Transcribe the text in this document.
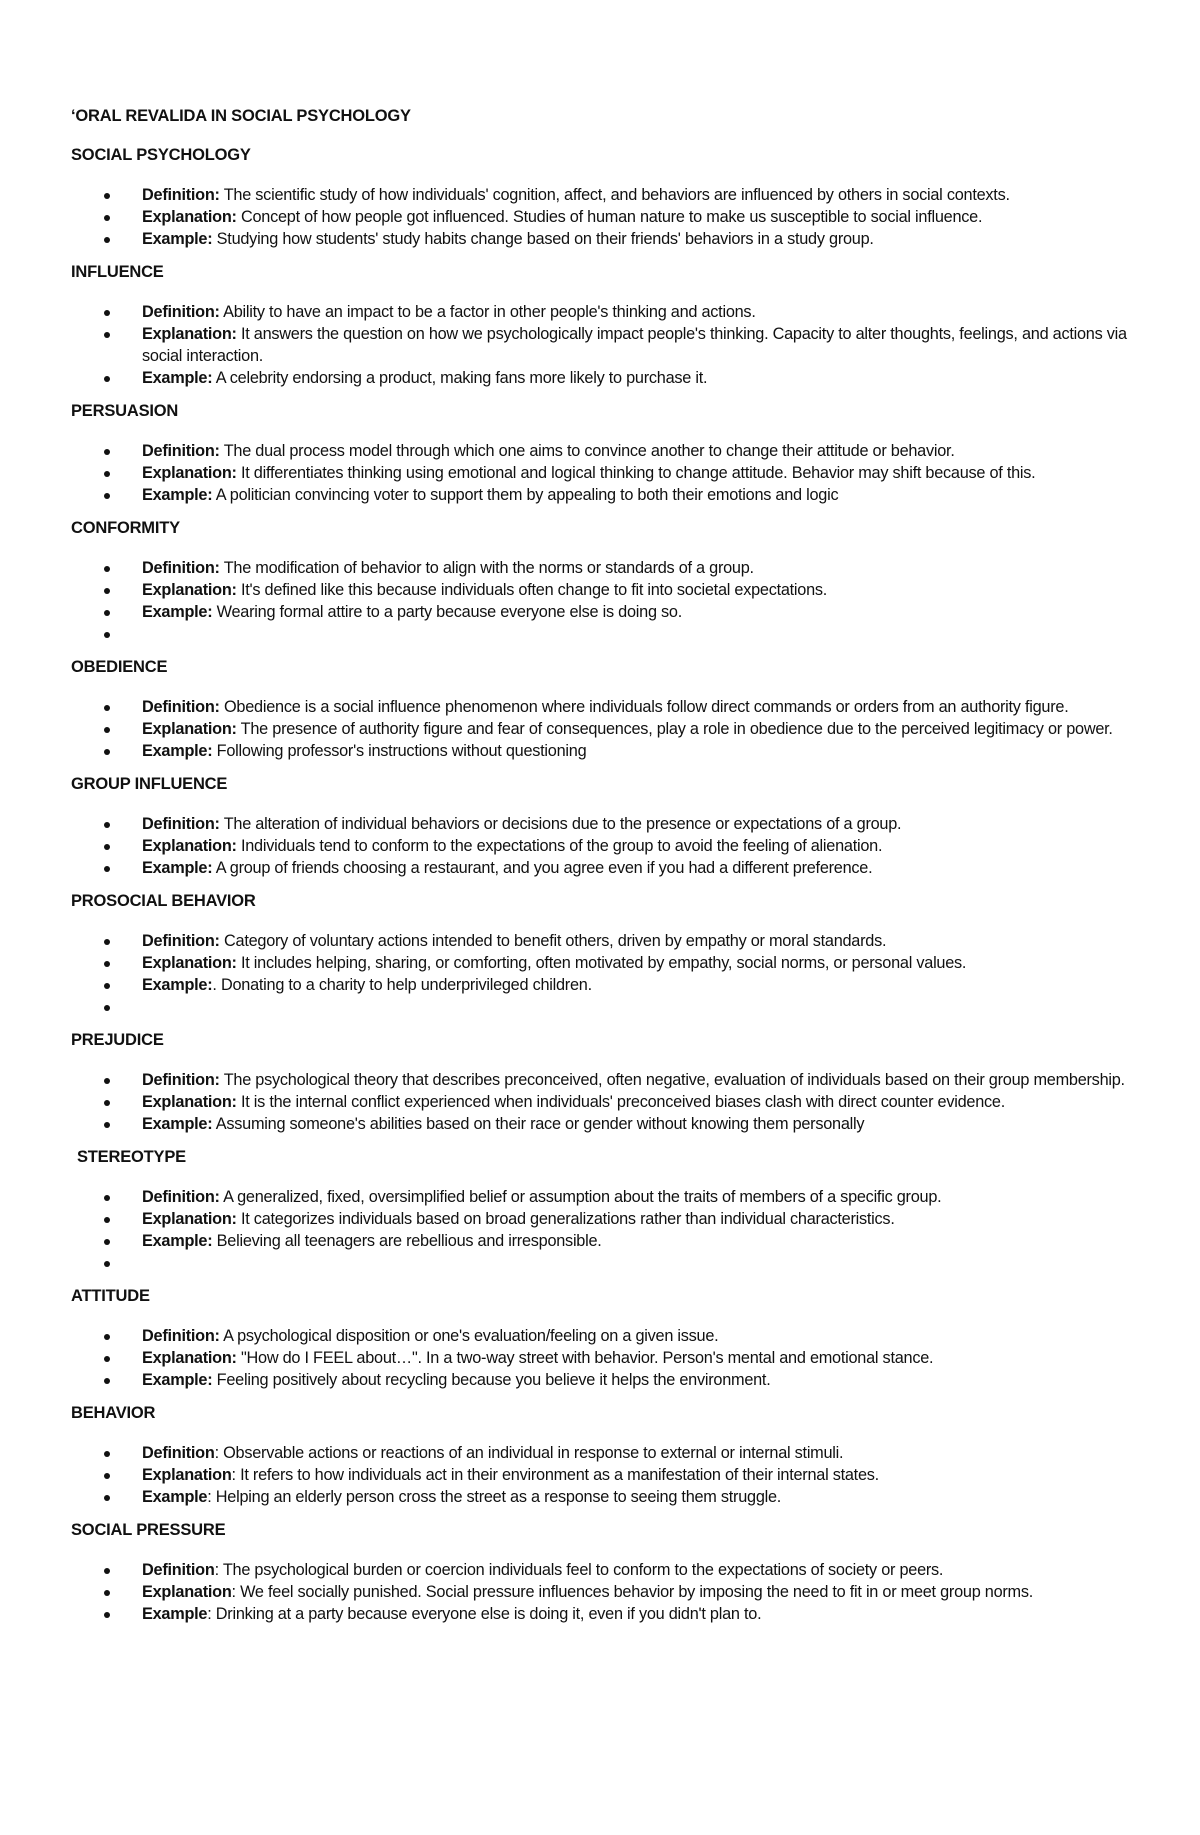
‘ORAL REVALIDA IN SOCIAL PSYCHOLOGY
SOCIAL PSYCHOLOGY
Definition: The scientific study of how individuals' cognition, affect, and behaviors are influenced by others in social contexts.
Explanation: Concept of how people got influenced. Studies of human nature to make us susceptible to social influence.
Example: Studying how students' study habits change based on their friends' behaviors in a study group.
INFLUENCE
Definition: Ability to have an impact to be a factor in other people's thinking and actions.
Explanation: It answers the question on how we psychologically impact people's thinking. Capacity to alter thoughts, feelings, and actions via social interaction.
Example: A celebrity endorsing a product, making fans more likely to purchase it.
PERSUASION
Definition: The dual process model through which one aims to convince another to change their attitude or behavior.
Explanation: It differentiates thinking using emotional and logical thinking to change attitude. Behavior may shift because of this.
Example: A politician convincing voter to support them by appealing to both their emotions and logic
CONFORMITY
Definition: The modification of behavior to align with the norms or standards of a group.
Explanation: It's defined like this because individuals often change to fit into societal expectations.
Example: Wearing formal attire to a party because everyone else is doing so.
OBEDIENCE
Definition: Obedience is a social influence phenomenon where individuals follow direct commands or orders from an authority figure.
Explanation: The presence of authority figure and fear of consequences, play a role in obedience due to the perceived legitimacy or power.
Example: Following professor's instructions without questioning
GROUP INFLUENCE
Definition: The alteration of individual behaviors or decisions due to the presence or expectations of a group.
Explanation: Individuals tend to conform to the expectations of the group to avoid the feeling of alienation.
Example: A group of friends choosing a restaurant, and you agree even if you had a different preference.
PROSOCIAL BEHAVIOR
Definition: Category of voluntary actions intended to benefit others, driven by empathy or moral standards.
Explanation: It includes helping, sharing, or comforting, often motivated by empathy, social norms, or personal values.
Example:. Donating to a charity to help underprivileged children.
PREJUDICE
Definition: The psychological theory that describes preconceived, often negative, evaluation of individuals based on their group membership.
Explanation: It is the internal conflict experienced when individuals' preconceived biases clash with direct counter evidence.
Example: Assuming someone's abilities based on their race or gender without knowing them personally
STEREOTYPE
Definition: A generalized, fixed, oversimplified belief or assumption about the traits of members of a specific group.
Explanation: It categorizes individuals based on broad generalizations rather than individual characteristics.
Example: Believing all teenagers are rebellious and irresponsible.
ATTITUDE
Definition: A psychological disposition or one's evaluation/feeling on a given issue.
Explanation: "How do I FEEL about…". In a two-way street with behavior. Person's mental and emotional stance.
Example: Feeling positively about recycling because you believe it helps the environment.
BEHAVIOR
Definition: Observable actions or reactions of an individual in response to external or internal stimuli.
Explanation: It refers to how individuals act in their environment as a manifestation of their internal states.
Example: Helping an elderly person cross the street as a response to seeing them struggle.
SOCIAL PRESSURE
Definition: The psychological burden or coercion individuals feel to conform to the expectations of society or peers.
Explanation: We feel socially punished. Social pressure influences behavior by imposing the need to fit in or meet group norms.
Example: Drinking at a party because everyone else is doing it, even if you didn't plan to.
